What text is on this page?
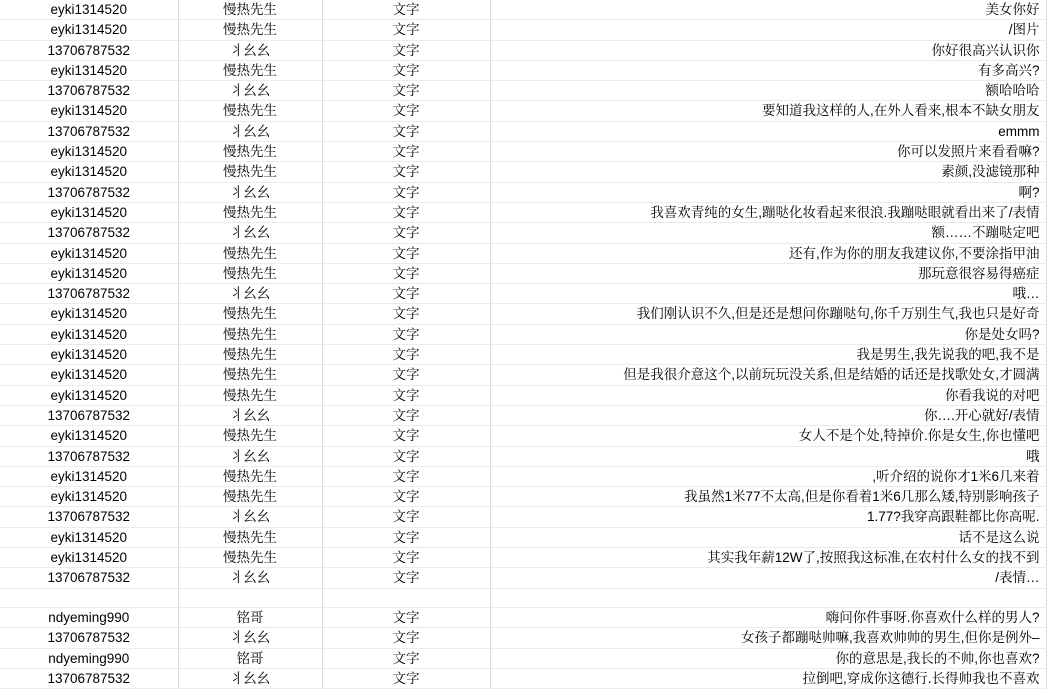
eyki1314520	慢热先生	文字	美女你好
eyki1314520	慢热先生	文字	/图片
13706787532	丬幺幺	文字	你好很高兴认识你
eyki1314520	慢热先生	文字	有多高兴?
13706787532	丬幺幺	文字	额哈哈哈
eyki1314520	慢热先生	文字	要知道我这样的人,在外人看来,根本不缺女朋友
13706787532	丬幺幺	文字	emmm
eyki1314520	慢热先生	文字	你可以发照片来看看嘛?
eyki1314520	慢热先生	文字	素颜,没滤镜那种
13706787532	丬幺幺	文字	啊?
eyki1314520	慢热先生	文字	我喜欢青纯的女生,蹦哒化妆看起来很浪.我蹦哒眼就看出来了/表情
13706787532	丬幺幺	文字	额……不蹦哒定吧
eyki1314520	慢热先生	文字	还有,作为你的朋友我建议你,不要涂指甲油
eyki1314520	慢热先生	文字	那玩意很容易得癌症
13706787532	丬幺幺	文字	哦…
eyki1314520	慢热先生	文字	我们刚认识不久,但是还是想问你蹦哒句,你千万别生气,我也只是好奇
eyki1314520	慢热先生	文字	你是处女吗?
eyki1314520	慢热先生	文字	我是男生,我先说我的吧,我不是
eyki1314520	慢热先生	文字	但是我很介意这个,以前玩玩没关系,但是结婚的话还是找歌处女,才圆满
eyki1314520	慢热先生	文字	你看我说的对吧
13706787532	丬幺幺	文字	你….开心就好/表情
eyki1314520	慢热先生	文字	女人不是个处,特掉价.你是女生,你也懂吧
13706787532	丬幺幺	文字	哦
eyki1314520	慢热先生	文字	,听介绍的说你才1米6几来着
eyki1314520	慢热先生	文字	我虽然1米77不太高,但是你看着1米6几那么矮,特别影响孩子
13706787532	丬幺幺	文字	1.77?我穿高跟鞋都比你高呢.
eyki1314520	慢热先生	文字	话不是这么说
eyki1314520	慢热先生	文字	其实我年薪12W了,按照我这标准,在农村什么女的找不到
13706787532	丬幺幺	文字	/表情…

ndyeming990	铭哥	文字	嗨问你件事呀.你喜欢什么样的男人?
13706787532	丬幺幺	文字	女孩子都蹦哒帅嘛,我喜欢帅帅的男生,但你是例外–
ndyeming990	铭哥	文字	你的意思是,我长的不帅,你也喜欢?
13706787532	丬幺幺	文字	拉倒吧,穿成你这德行.长得帅我也不喜欢
